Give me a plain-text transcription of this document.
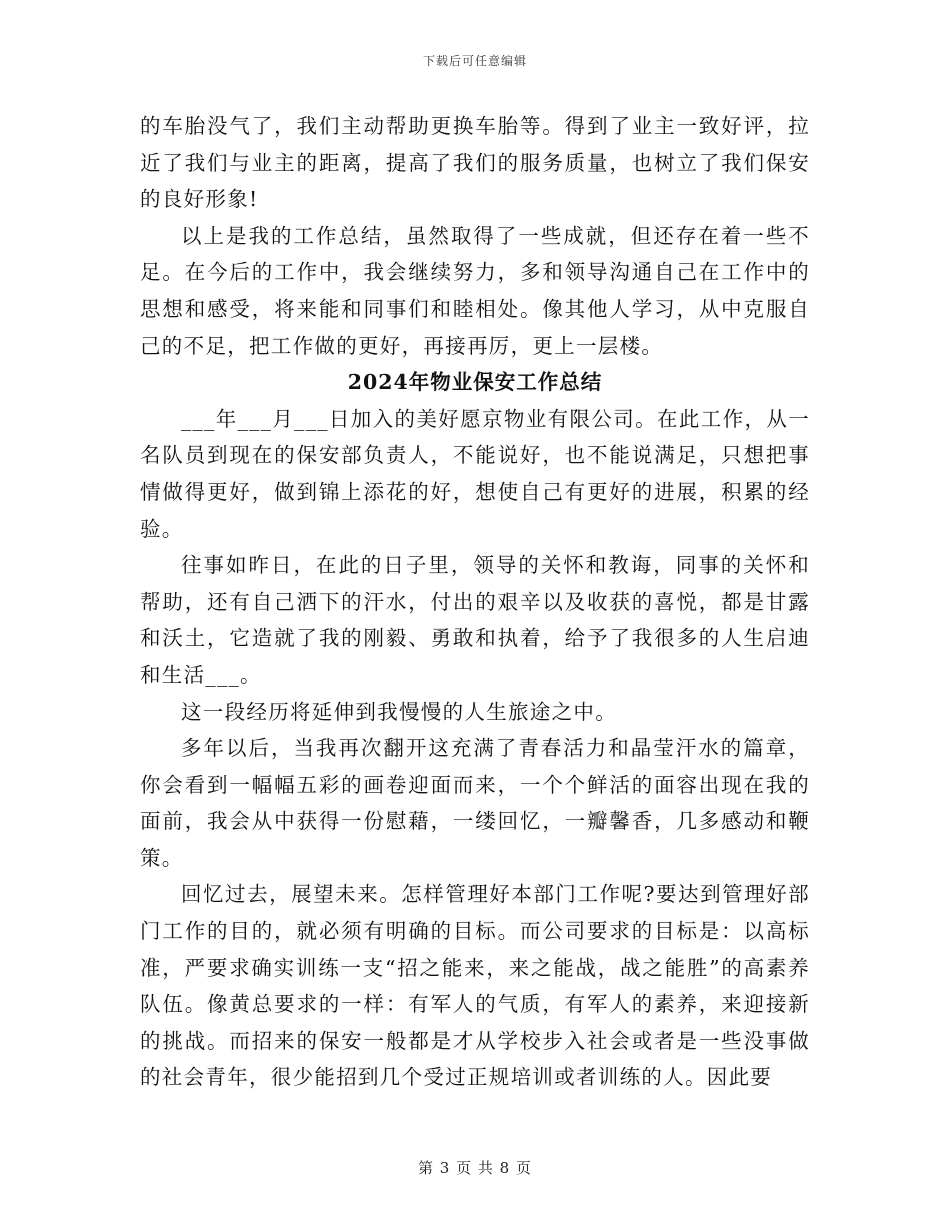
下载后可任意编辑

的车胎没气了，我们主动帮助更换车胎等。得到了业主一致好评，拉近了我们与业主的距离，提高了我们的服务质量，也树立了我们保安的良好形象!

以上是我的工作总结，虽然取得了一些成就，但还存在着一些不足。在今后的工作中，我会继续努力，多和领导沟通自己在工作中的思想和感受，将来能和同事们和睦相处。像其他人学习，从中克服自己的不足，把工作做的更好，再接再厉，更上一层楼。

2024年物业保安工作总结

___年___月___日加入的美好愿京物业有限公司。在此工作，从一名队员到现在的保安部负责人，不能说好，也不能说满足，只想把事情做得更好，做到锦上添花的好，想使自己有更好的进展，积累的经验。

往事如昨日，在此的日子里，领导的关怀和教诲，同事的关怀和帮助，还有自己洒下的汗水，付出的艰辛以及收获的喜悦，都是甘露和沃土，它造就了我的刚毅、勇敢和执着，给予了我很多的人生启迪和生活___。

这一段经历将延伸到我慢慢的人生旅途之中。

多年以后，当我再次翻开这充满了青春活力和晶莹汗水的篇章，你会看到一幅幅五彩的画卷迎面而来，一个个鲜活的面容出现在我的面前，我会从中获得一份慰藉，一缕回忆，一瓣馨香，几多感动和鞭策。

回忆过去，展望未来。怎样管理好本部门工作呢?要达到管理好部门工作的目的，就必须有明确的目标。而公司要求的目标是：以高标准，严要求确实训练一支“招之能来，来之能战，战之能胜”的高素养队伍。像黄总要求的一样：有军人的气质，有军人的素养，来迎接新的挑战。而招来的保安一般都是才从学校步入社会或者是一些没事做的社会青年，很少能招到几个受过正规培训或者训练的人。因此要

第 3 页 共 8 页
